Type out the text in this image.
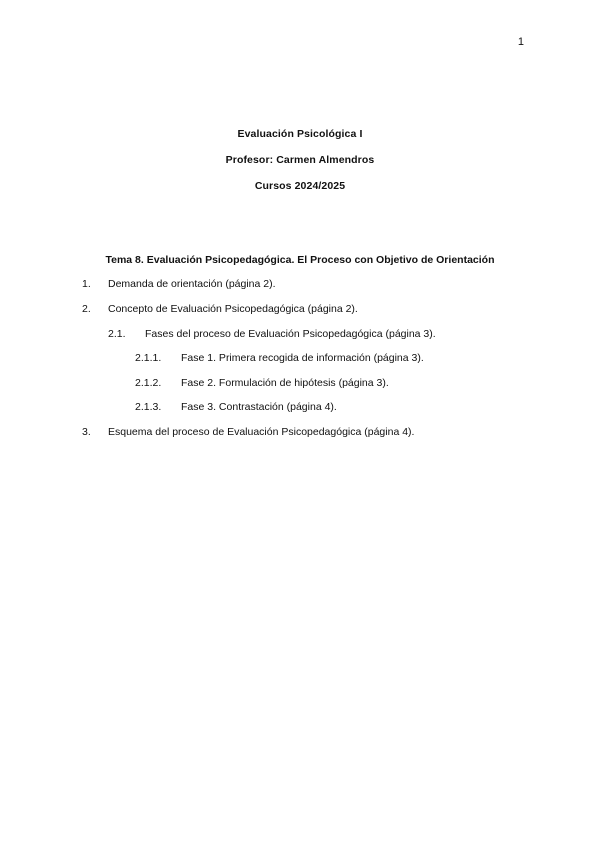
1
Evaluación Psicológica I
Profesor: Carmen Almendros
Cursos 2024/2025
Tema 8. Evaluación Psicopedagógica. El Proceso con Objetivo de Orientación
1. Demanda de orientación (página 2).
2. Concepto de Evaluación Psicopedagógica (página 2).
2.1. Fases del proceso de Evaluación Psicopedagógica (página 3).
2.1.1. Fase 1. Primera recogida de información (página 3).
2.1.2. Fase 2. Formulación de hipótesis (página 3).
2.1.3. Fase 3. Contrastación (página 4).
3. Esquema del proceso de Evaluación Psicopedagógica (página 4).
